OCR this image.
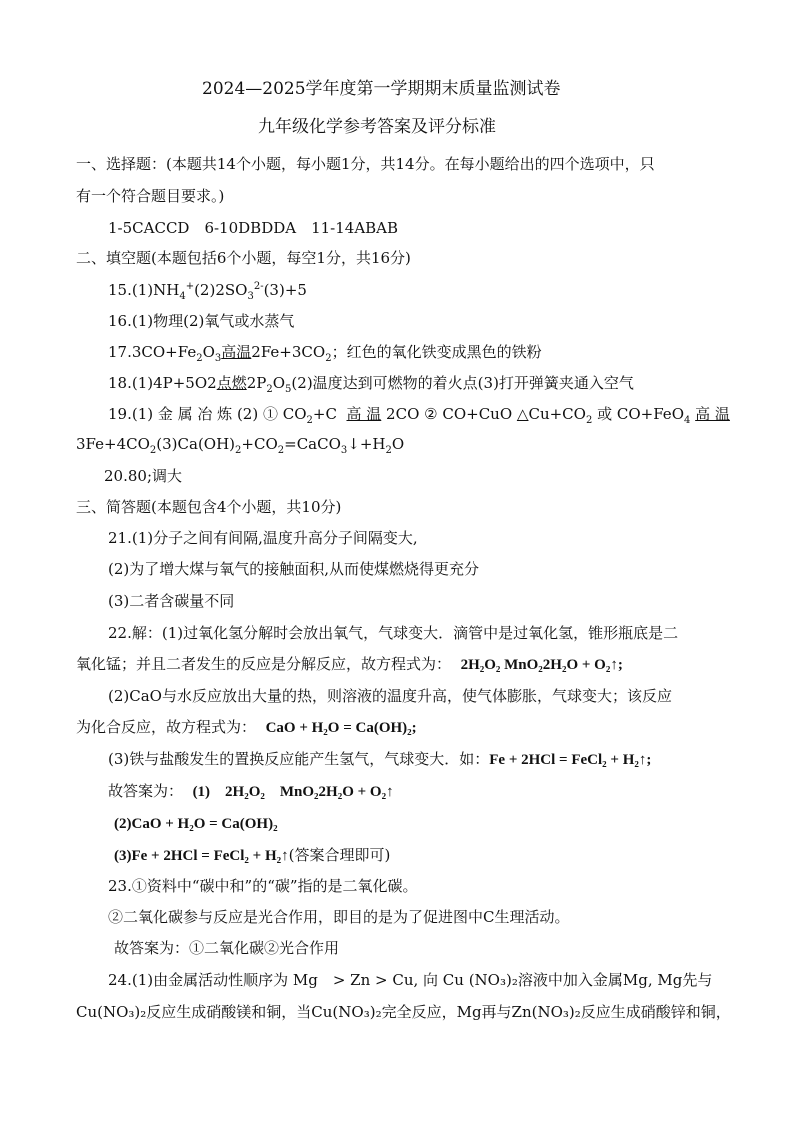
2024—2025学年度第一学期期末质量监测试卷
九年级化学参考答案及评分标准
一、选择题：(本题共14个小题，每小题1分，共14分。在每小题给出的四个选项中，只
有一个符合题目要求。)
1-5CACCD　6-10DBDDA　11-14ABAB
二、填空题(本题包括6个小题，每空1分，共16分)
$15.(1)NH_4^+(2)2SO_3^{2-}(3)+5$
16.(1)物理(2)氧气或水蒸气
$17.3CO+Fe_2O_3$高温$2Fe+3CO_2$；红色的氧化铁变成黑色的铁粉
18.(1)4P+5O2点燃$2P_2O_5(2)$温度达到可燃物的着火点(3)打开弹簧夹通入空气
19.(1) 金 属 冶 炼 (2) ① $CO_2+C$ 高 温 2CO ② CO+CuO $\triangle Cu+CO_2$ 或 CO+FeO$_4$ 高 温
$3Fe+4CO_2(3)Ca(OH)_2+CO_2=CaCO_3↓+H_2O$
20.80;调大
三、简答题(本题包含4个小题，共10分)
21.(1)分子之间有间隔,温度升高分子间隔变大,
(2)为了增大煤与氧气的接触面积,从而使煤燃烧得更充分
(3)二者含碳量不同
22.解：(1)过氧化氢分解时会放出氧气，气球变大．滴管中是过氧化氢，锥形瓶底是二
氧化锰；并且二者发生的反应是分解反应，故方程式为： 2H₂O₂ MnO₂2H₂O + O₂↑;
(2)CaO与水反应放出大量的热，则溶液的温度升高，使气体膨胀，气球变大；该反应
为化合反应，故方程式为： CaO + H₂O = Ca(OH)₂;
(3)铁与盐酸发生的置换反应能产生氢气，气球变大．如：Fe + 2HCl = FeCl₂ + H₂↑;
故答案为： (1)　2H₂O₂　MnO₂2H₂O + O₂↑
(2)CaO + H₂O = Ca(OH)₂
(3)Fe + 2HCl = FeCl₂ + H₂↑(答案合理即可)
23.①资料中“碳中和”的“碳”指的是二氧化碳。
②二氧化碳参与反应是光合作用，即目的是为了促进图中C生理活动。
故答案为：①二氧化碳②光合作用
24.(1)由金属活动性顺序为 Mg　> Zn > Cu, 向 Cu (NO₃)₂溶液中加入金属Mg, Mg先与
Cu(NO₃)₂反应生成硝酸镁和铜，当Cu(NO₃)₂完全反应，Mg再与Zn(NO₃)₂反应生成硝酸锌和铜，
